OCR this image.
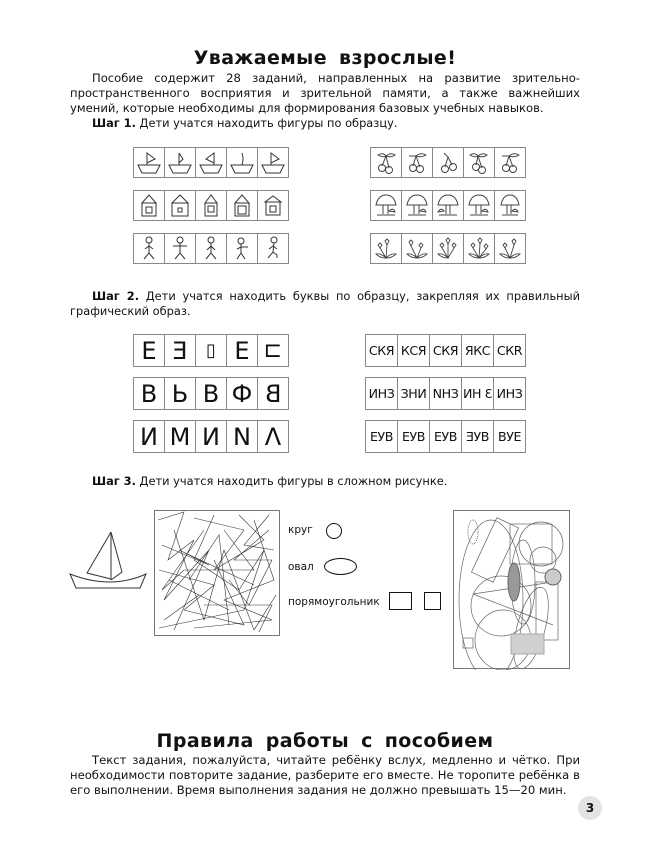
Уважаемые взрослые!
Пособие содержит 28 заданий, направленных на развитие зрительно-пространственного восприятия и зрительной памяти, а также важнейших умений, которые необходимы для формирования базовых учебных навыков.
Шаг 1. Дети учатся находить фигуры по образцу.
Шаг 2. Дети учатся находить буквы по образцу, закрепляя их правильный графический образ.
Е Ǝ ▯ Е ⊏
В Ь В Ф В
И М И N Λ
СКЯ КСЯ СКЯ ЯКС СКR
ИНЗ ЗНИ NНЗ ИН Ɛ ИНЗ
ЕУВ ЕУВ ЕУВ ƎУВ ВУЕ
Шаг 3. Дети учатся находить фигуры в сложном рисунке.
круг
овал
порямоугольник
Правила работы с пособием
Текст задания, пожалуйста, читайте ребёнку вслух, медленно и чётко. При необходимости повторите задание, разберите его вместе. Не торопите ребёнка в его выполнении. Время выполнения задания не должно превышать 15—20 мин.
3
